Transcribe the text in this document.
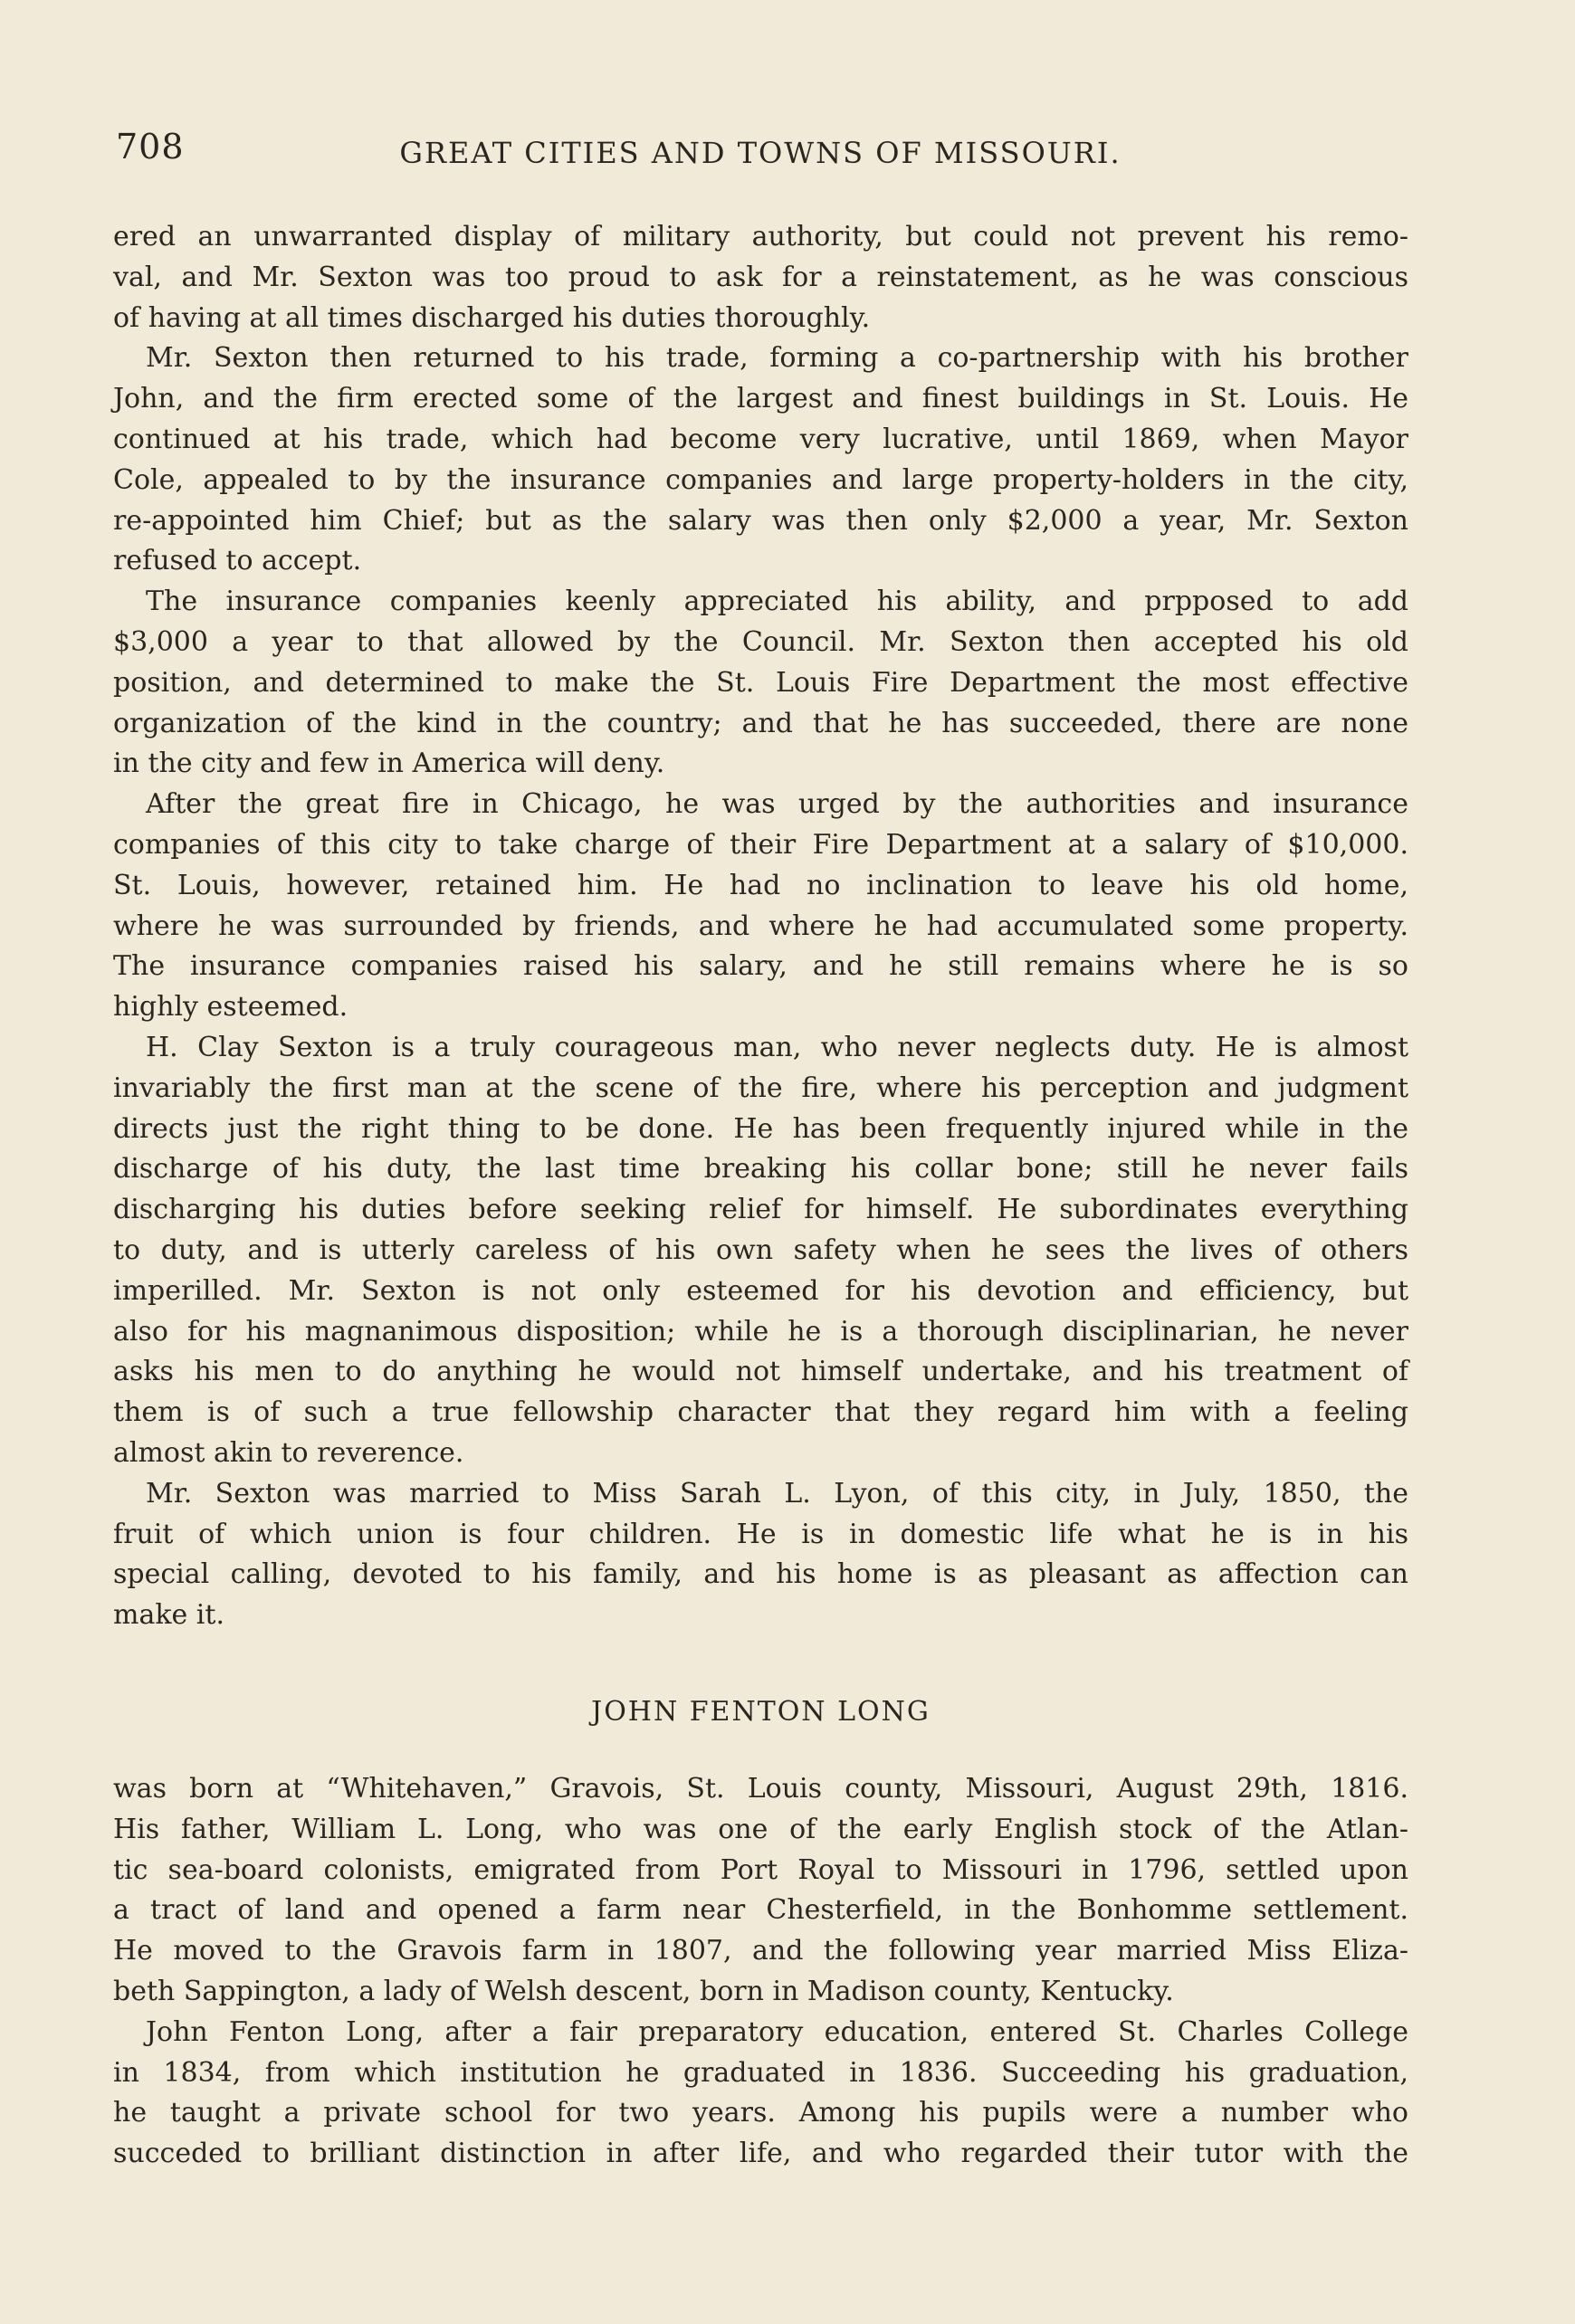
708	GREAT CITIES AND TOWNS OF MISSOURI.
ered an unwarranted display of military authority, but could not prevent his remo-
val, and Mr. Sexton was too proud to ask for a reinstatement, as he was conscious
of having at all times discharged his duties thoroughly.
Mr. Sexton then returned to his trade, forming a co-partnership with his brother
John, and the firm erected some of the largest and finest buildings in St. Louis. He
continued at his trade, which had become very lucrative, until 1869, when Mayor
Cole, appealed to by the insurance companies and large property-holders in the city,
re-appointed him Chief; but as the salary was then only $2,000 a year, Mr. Sexton
refused to accept.
The insurance companies keenly appreciated his ability, and prpposed to add
$3,000 a year to that allowed by the Council. Mr. Sexton then accepted his old
position, and determined to make the St. Louis Fire Department the most effective
organization of the kind in the country; and that he has succeeded, there are none
in the city and few in America will deny.
After the great fire in Chicago, he was urged by the authorities and insurance
companies of this city to take charge of their Fire Department at a salary of $10,000.
St. Louis, however, retained him. He had no inclination to leave his old home,
where he was surrounded by friends, and where he had accumulated some property.
The insurance companies raised his salary, and he still remains where he is so
highly esteemed.
H. Clay Sexton is a truly courageous man, who never neglects duty. He is almost
invariably the first man at the scene of the fire, where his perception and judgment
directs just the right thing to be done. He has been frequently injured while in the
discharge of his duty, the last time breaking his collar bone; still he never fails
discharging his duties before seeking relief for himself. He subordinates everything
to duty, and is utterly careless of his own safety when he sees the lives of others
imperilled. Mr. Sexton is not only esteemed for his devotion and efficiency, but
also for his magnanimous disposition; while he is a thorough disciplinarian, he never
asks his men to do anything he would not himself undertake, and his treatment of
them is of such a true fellowship character that they regard him with a feeling
almost akin to reverence.
Mr. Sexton was married to Miss Sarah L. Lyon, of this city, in July, 1850, the
fruit of which union is four children. He is in domestic life what he is in his
special calling, devoted to his family, and his home is as pleasant as affection can
make it.
JOHN FENTON LONG
was born at “Whitehaven,” Gravois, St. Louis county, Missouri, August 29th, 1816.
His father, William L. Long, who was one of the early English stock of the Atlan-
tic sea-board colonists, emigrated from Port Royal to Missouri in 1796, settled upon
a tract of land and opened a farm near Chesterfield, in the Bonhomme settlement.
He moved to the Gravois farm in 1807, and the following year married Miss Eliza-
beth Sappington, a lady of Welsh descent, born in Madison county, Kentucky.
John Fenton Long, after a fair preparatory education, entered St. Charles College
in 1834, from which institution he graduated in 1836. Succeeding his graduation,
he taught a private school for two years. Among his pupils were a number who
succeded to brilliant distinction in after life, and who regarded their tutor with the
